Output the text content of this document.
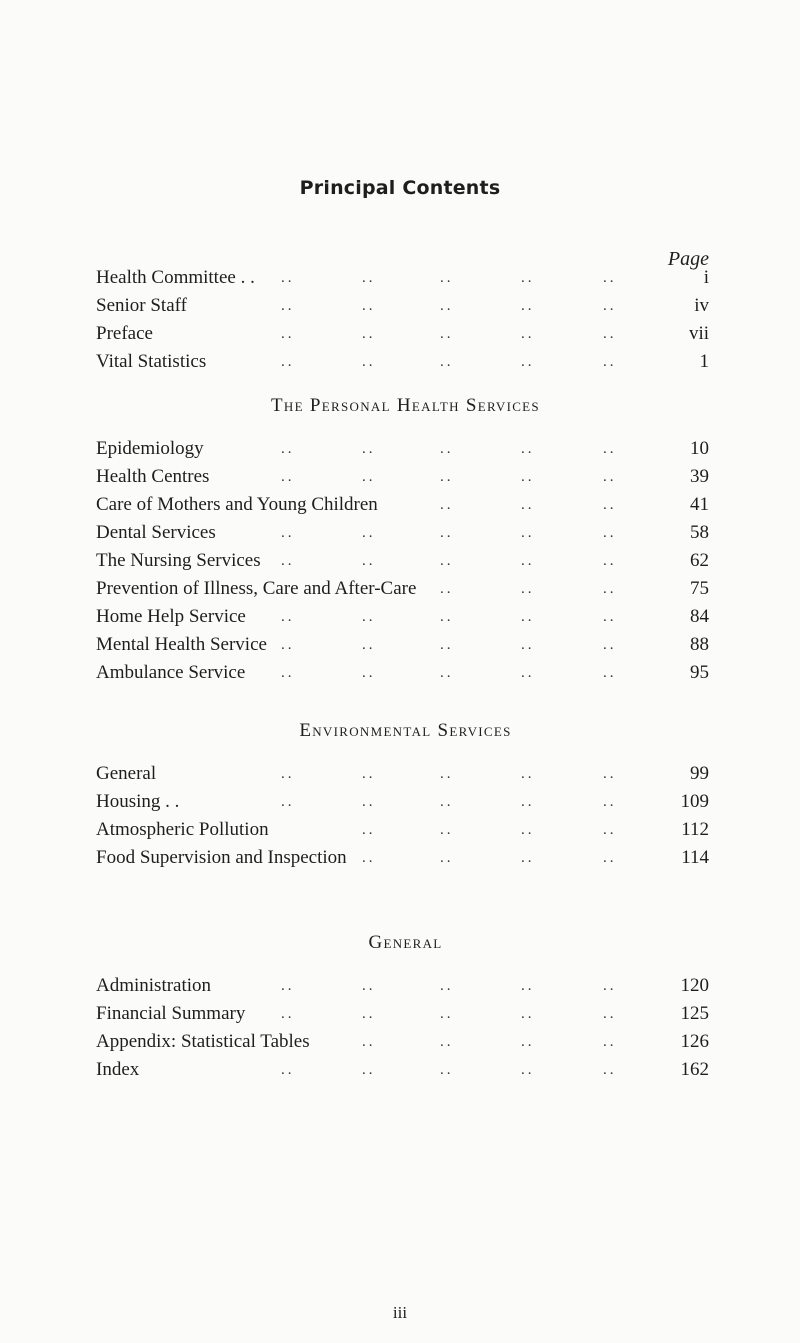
Principal Contents
Page
..	..	..	..	..
Health Committee . .	i
..	..	..	..	..
Senior Staff	iv
..	..	..	..	..
Preface	vii
..	..	..	..	..
Vital Statistics	1
The Personal Health Services
..	..	..	..	..
Epidemiology	10
..	..	..	..	..
Health Centres	39
..	..	..
Care of Mothers and Young Children	41
..	..	..	..	..
Dental Services	58
..	..	..	..	..
The Nursing Services	62
..	..	..
Prevention of Illness, Care and After-Care	75
..	..	..	..	..
Home Help Service	84
..	..	..	..	..
Mental Health Service	88
..	..	..	..	..
Ambulance Service	95
Environmental Services
..	..	..	..	..
General	99
..	..	..	..	..
Housing . .	109
..	..	..	..
Atmospheric Pollution	112
..	..	..	..
Food Supervision and Inspection	114
General
..	..	..	..	..
Administration	120
..	..	..	..	..
Financial Summary	125
..	..	..	..
Appendix: Statistical Tables	126
..	..	..	..	..
Index	162
iii
